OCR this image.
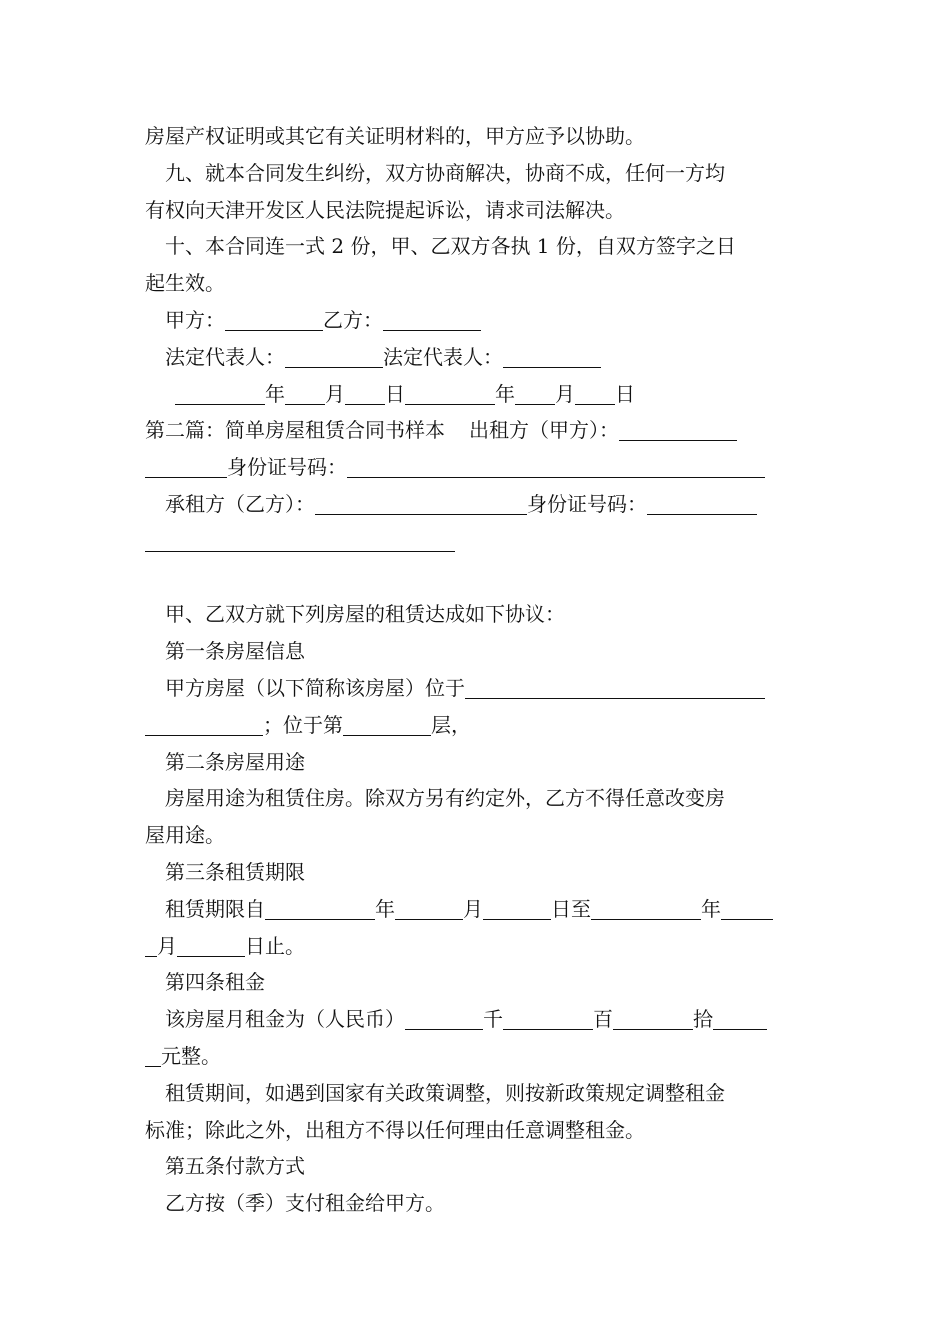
房屋产权证明或其它有关证明材料的，甲方应予以协助。
九、就本合同发生纠纷，双方协商解决，协商不成，任何一方均
有权向天津开发区人民法院提起诉讼，请求司法解决。
十、本合同连一式 2 份，甲、乙双方各执 1 份，自双方签字之日
起生效。
甲方：	乙方：
法定代表人：	法定代表人：
年 月 日	年 月 日
第二篇：简单房屋租赁合同书样本 出租方（甲方）：
身份证号码：
承租方（乙方）：	身份证号码：
甲、乙双方就下列房屋的租赁达成如下协议：
第一条房屋信息
甲方房屋（以下简称该房屋）位于
；位于第	层，
第二条房屋用途
房屋用途为租赁住房。除双方另有约定外，乙方不得任意改变房
屋用途。
第三条租赁期限
租赁期限自	年	月	日至	年
月	日止。
第四条租金
该房屋月租金为（人民币）	千	百	拾
元整。
租赁期间，如遇到国家有关政策调整，则按新政策规定调整租金
标准；除此之外，出租方不得以任何理由任意调整租金。
第五条付款方式
乙方按（季）支付租金给甲方。
